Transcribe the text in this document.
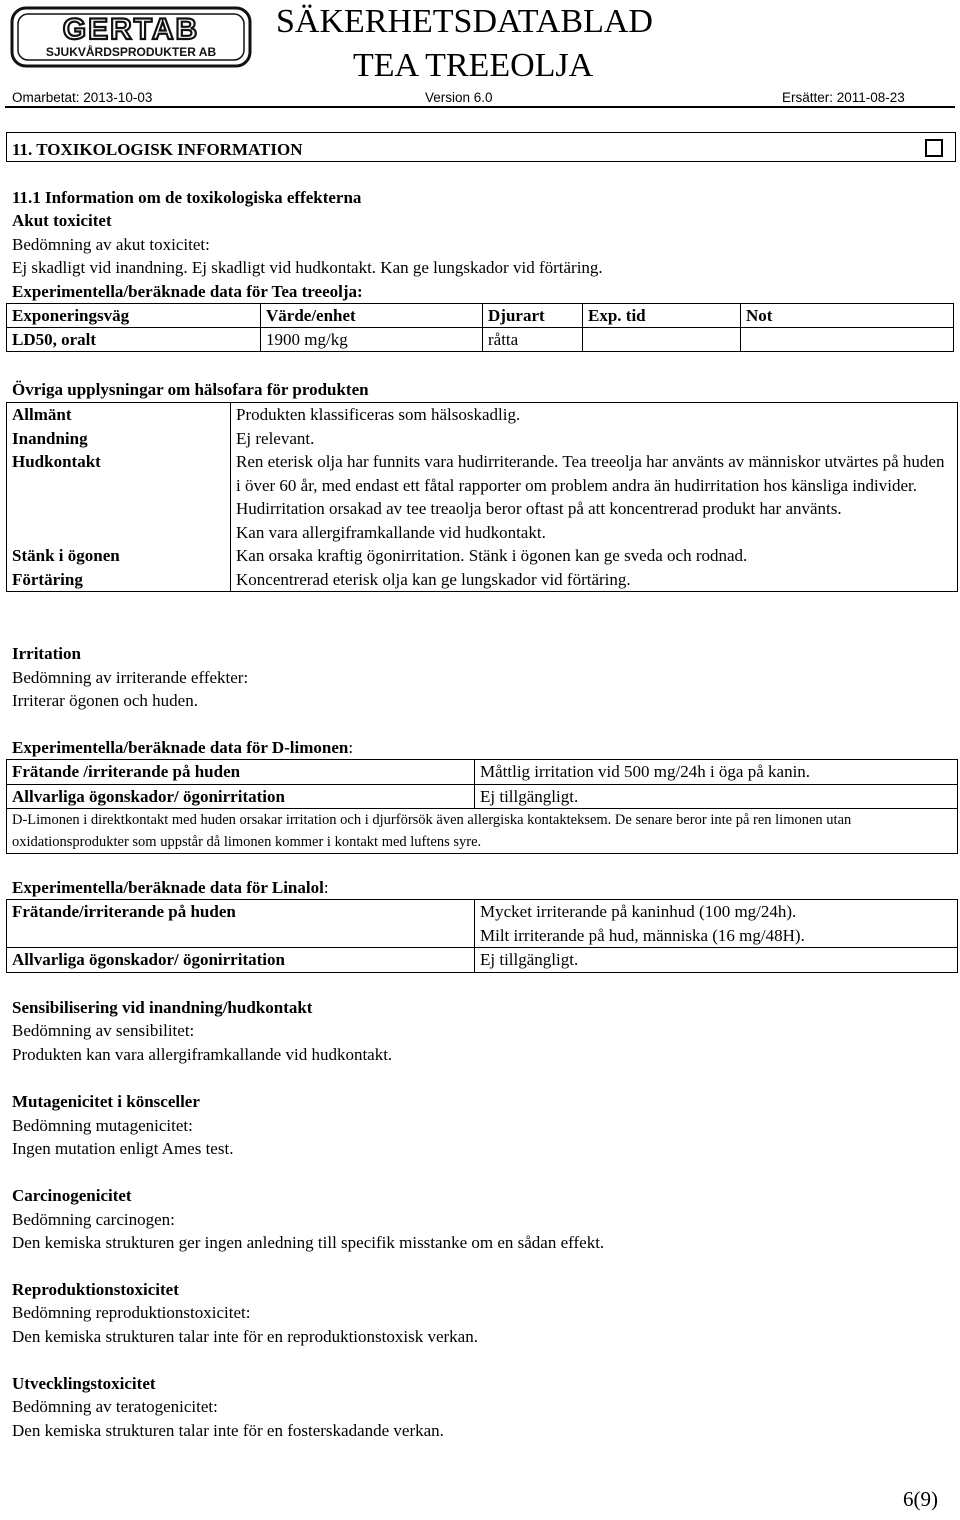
GERTAB
SJUKVÅRDSPRODUKTER AB
SÄKERHETSDATABLAD
TEA TREEOLJA
Omarbetat: 2013-10-03	Version 6.0	Ersätter: 2011-08-23
11. TOXIKOLOGISK INFORMATION
11.1 Information om de toxikologiska effekterna
Akut toxicitet
Bedömning av akut toxicitet:
Ej skadligt vid inandning. Ej skadligt vid hudkontakt. Kan ge lungskador vid förtäring.
Experimentella/beräknade data för Tea treeolja:
Exponeringsväg	Värde/enhet	Djurart	Exp. tid	Not
LD50, oralt	1900 mg/kg	råtta		
Övriga upplysningar om hälsofara för produkten
Allmänt	Produkten klassificeras som hälsoskadlig.
Inandning	Ej relevant.
Hudkontakt	Ren eterisk olja har funnits vara hudirriterande. Tea treeolja har använts av människor utvärtes på huden i över 60 år, med endast ett fåtal rapporter om problem andra än hudirritation hos känsliga individer. Hudirritation orsakad av tee treaolja beror oftast på att koncentrerad produkt har använts.
Kan vara allergiframkallande vid hudkontakt.

Stänk i ögonen	Kan orsaka kraftig ögonirritation. Stänk i ögonen kan ge sveda och rodnad.
Förtäring	Koncentrerad eterisk olja kan ge lungskador vid förtäring.
Irritation
Bedömning av irriterande effekter:
Irriterar ögonen och huden.
Experimentella/beräknade data för D-limonen:
Frätande /irriterande på huden	Måttlig irritation vid 500 mg/24h i öga på kanin.
Allvarliga ögonskador/ ögonirritation	Ej tillgängligt.
D-Limonen i direktkontakt med huden orsakar irritation och i djurförsök även allergiska kontakteksem. De senare beror inte på ren limonen utan oxidationsprodukter som uppstår då limonen kommer i kontakt med luftens syre.	
Experimentella/beräknade data för Linalol:
Frätande/irriterande på huden	Mycket irriterande på kaninhud (100 mg/24h).
Milt irriterande på hud, människa (16 mg/48H).

Allvarliga ögonskador/ ögonirritation	Ej tillgängligt.
Sensibilisering vid inandning/hudkontakt
Bedömning av sensibilitet:
Produkten kan vara allergiframkallande vid hudkontakt.
Mutagenicitet i könsceller
Bedömning mutagenicitet:
Ingen mutation enligt Ames test.
Carcinogenicitet
Bedömning carcinogen:
Den kemiska strukturen ger ingen anledning till specifik misstanke om en sådan effekt.
Reproduktionstoxicitet
Bedömning reproduktionstoxicitet:
Den kemiska strukturen talar inte för en reproduktionstoxisk verkan.
Utvecklingstoxicitet
Bedömning av teratogenicitet:
Den kemiska strukturen talar inte för en fosterskadande verkan.
6(9)
